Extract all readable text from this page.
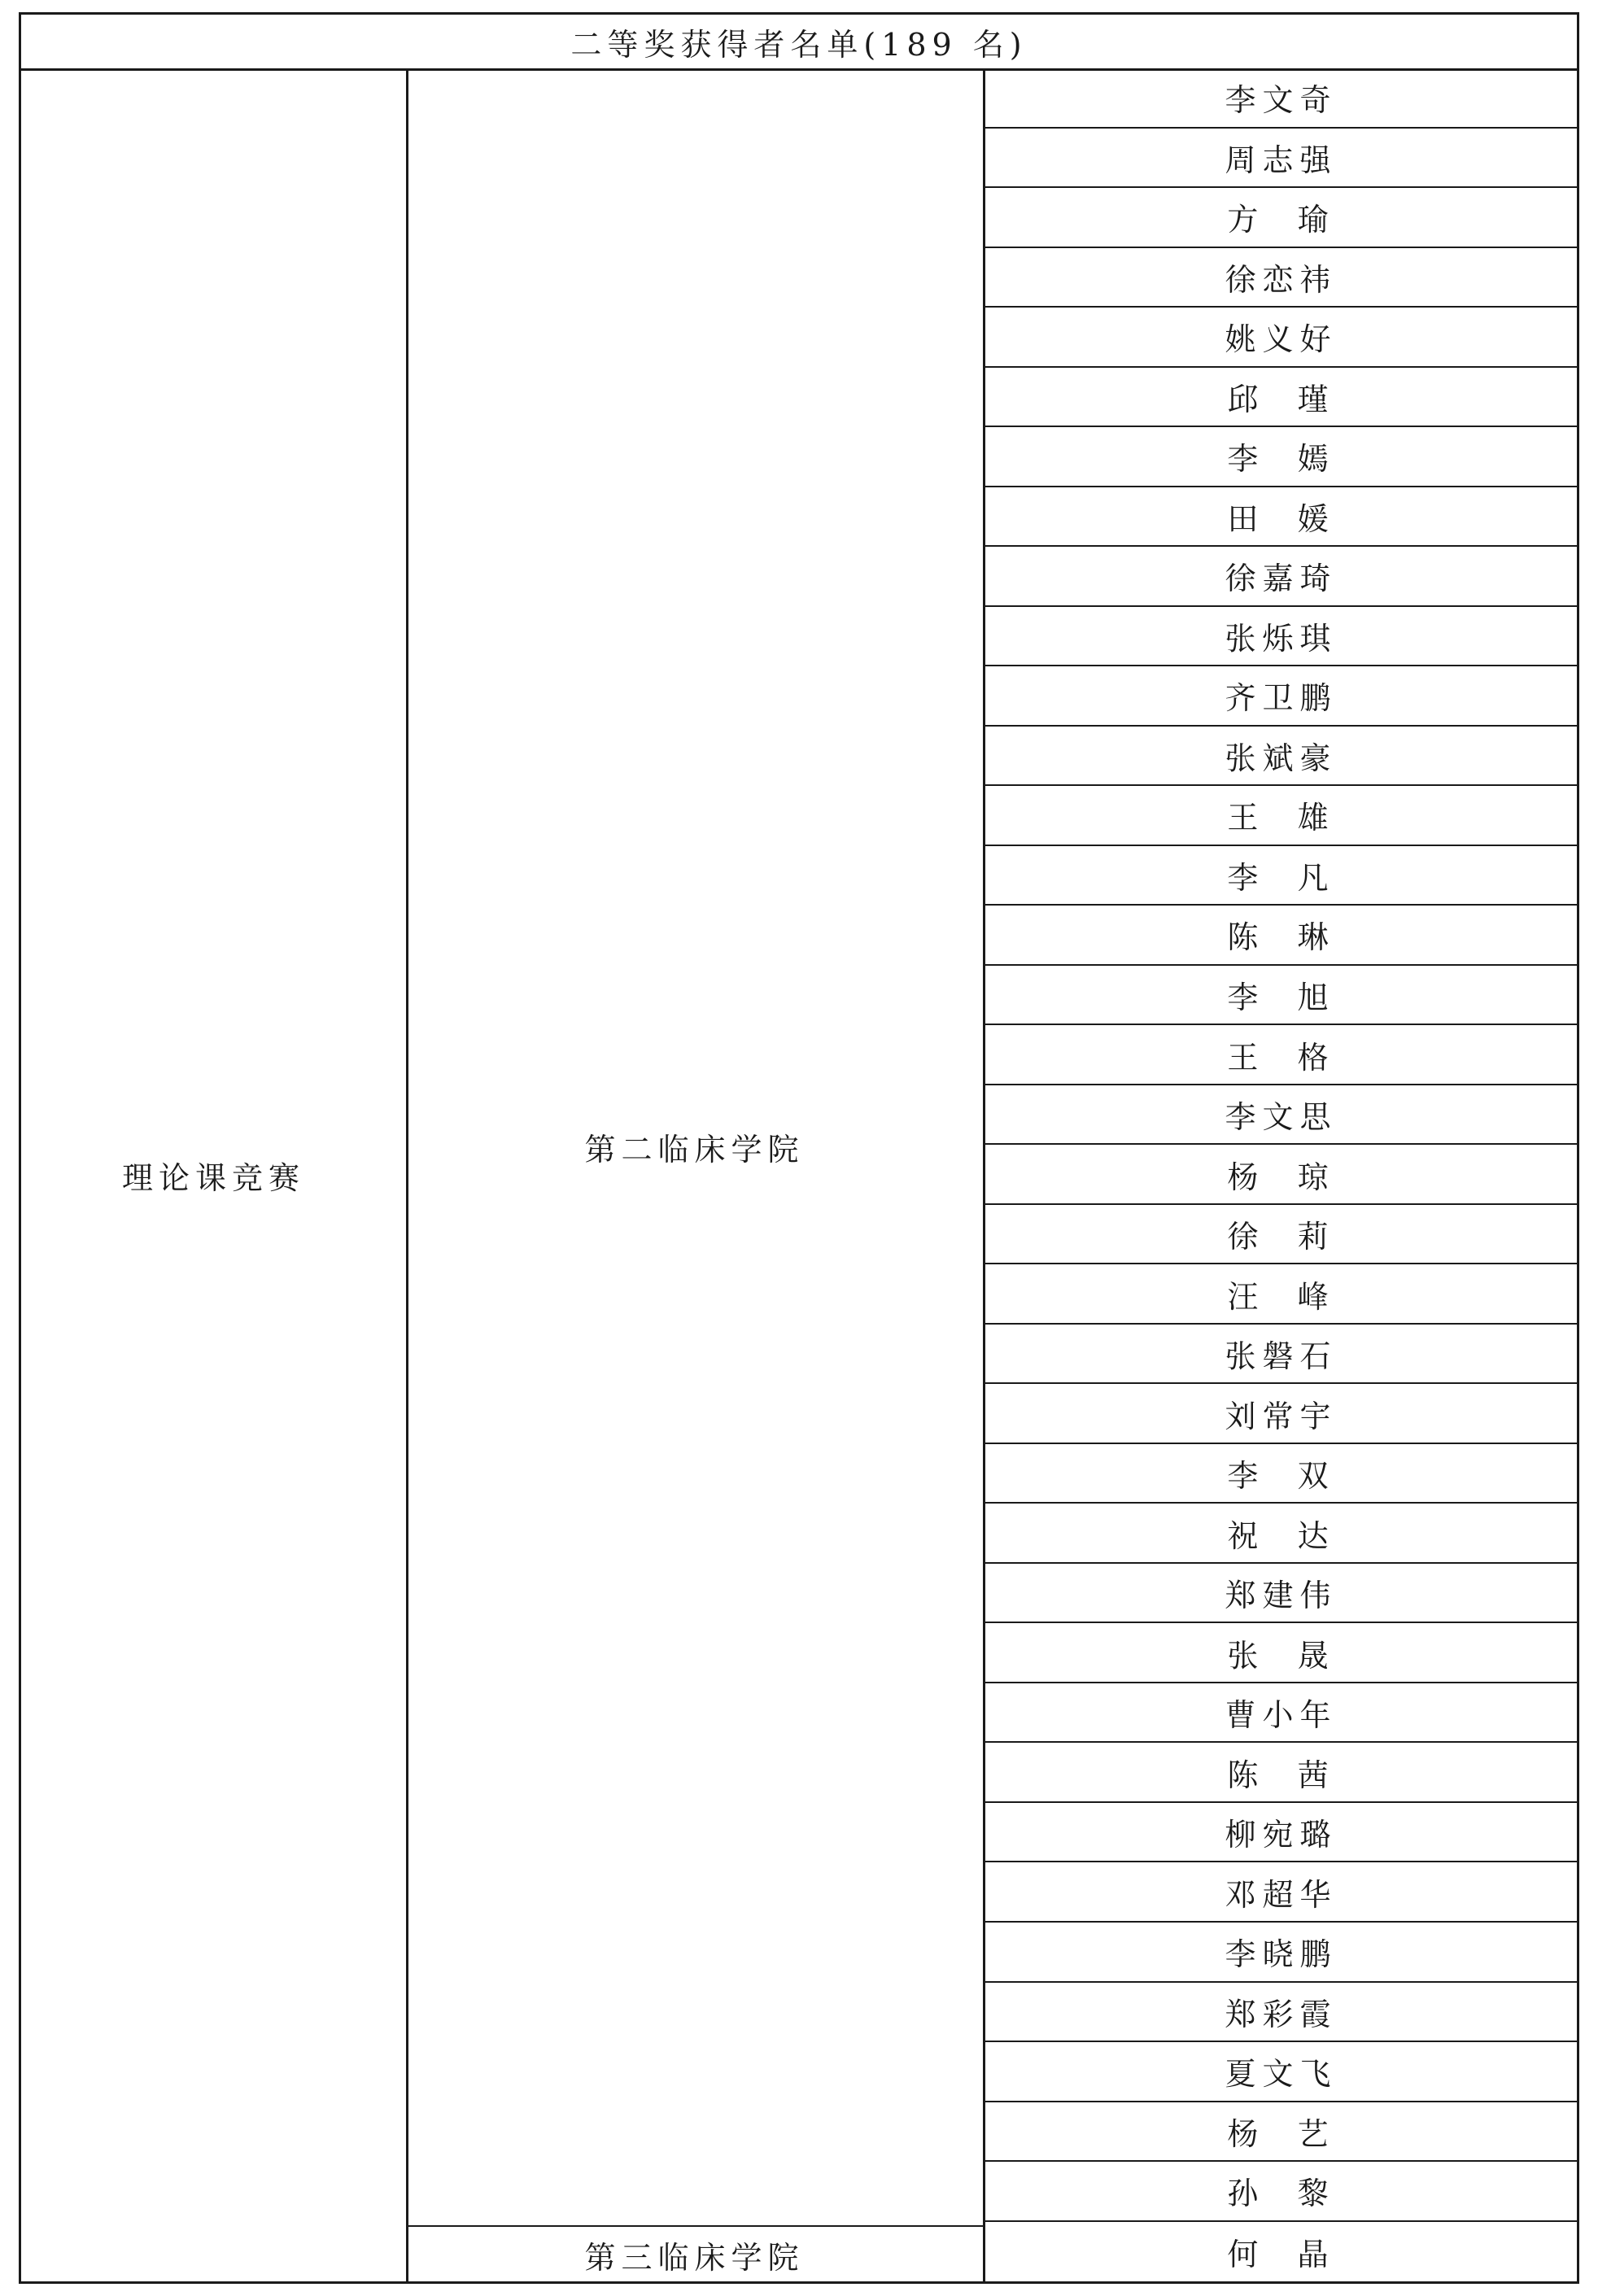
二等奖获得者名单(189 名)
理论课竞赛
第二临床学院
第三临床学院
李文奇
周志强
方  瑜
徐恋祎
姚义好
邱  瑾
李  嫣
田  媛
徐嘉琦
张烁琪
齐卫鹏
张斌豪
王  雄
李  凡
陈  琳
李  旭
王  格
李文思
杨  琼
徐  莉
汪  峰
张磐石
刘常宇
李  双
祝  达
郑建伟
张  晟
曹小年
陈  茜
柳宛璐
邓超华
李晓鹏
郑彩霞
夏文飞
杨  艺
孙  黎
何  晶
